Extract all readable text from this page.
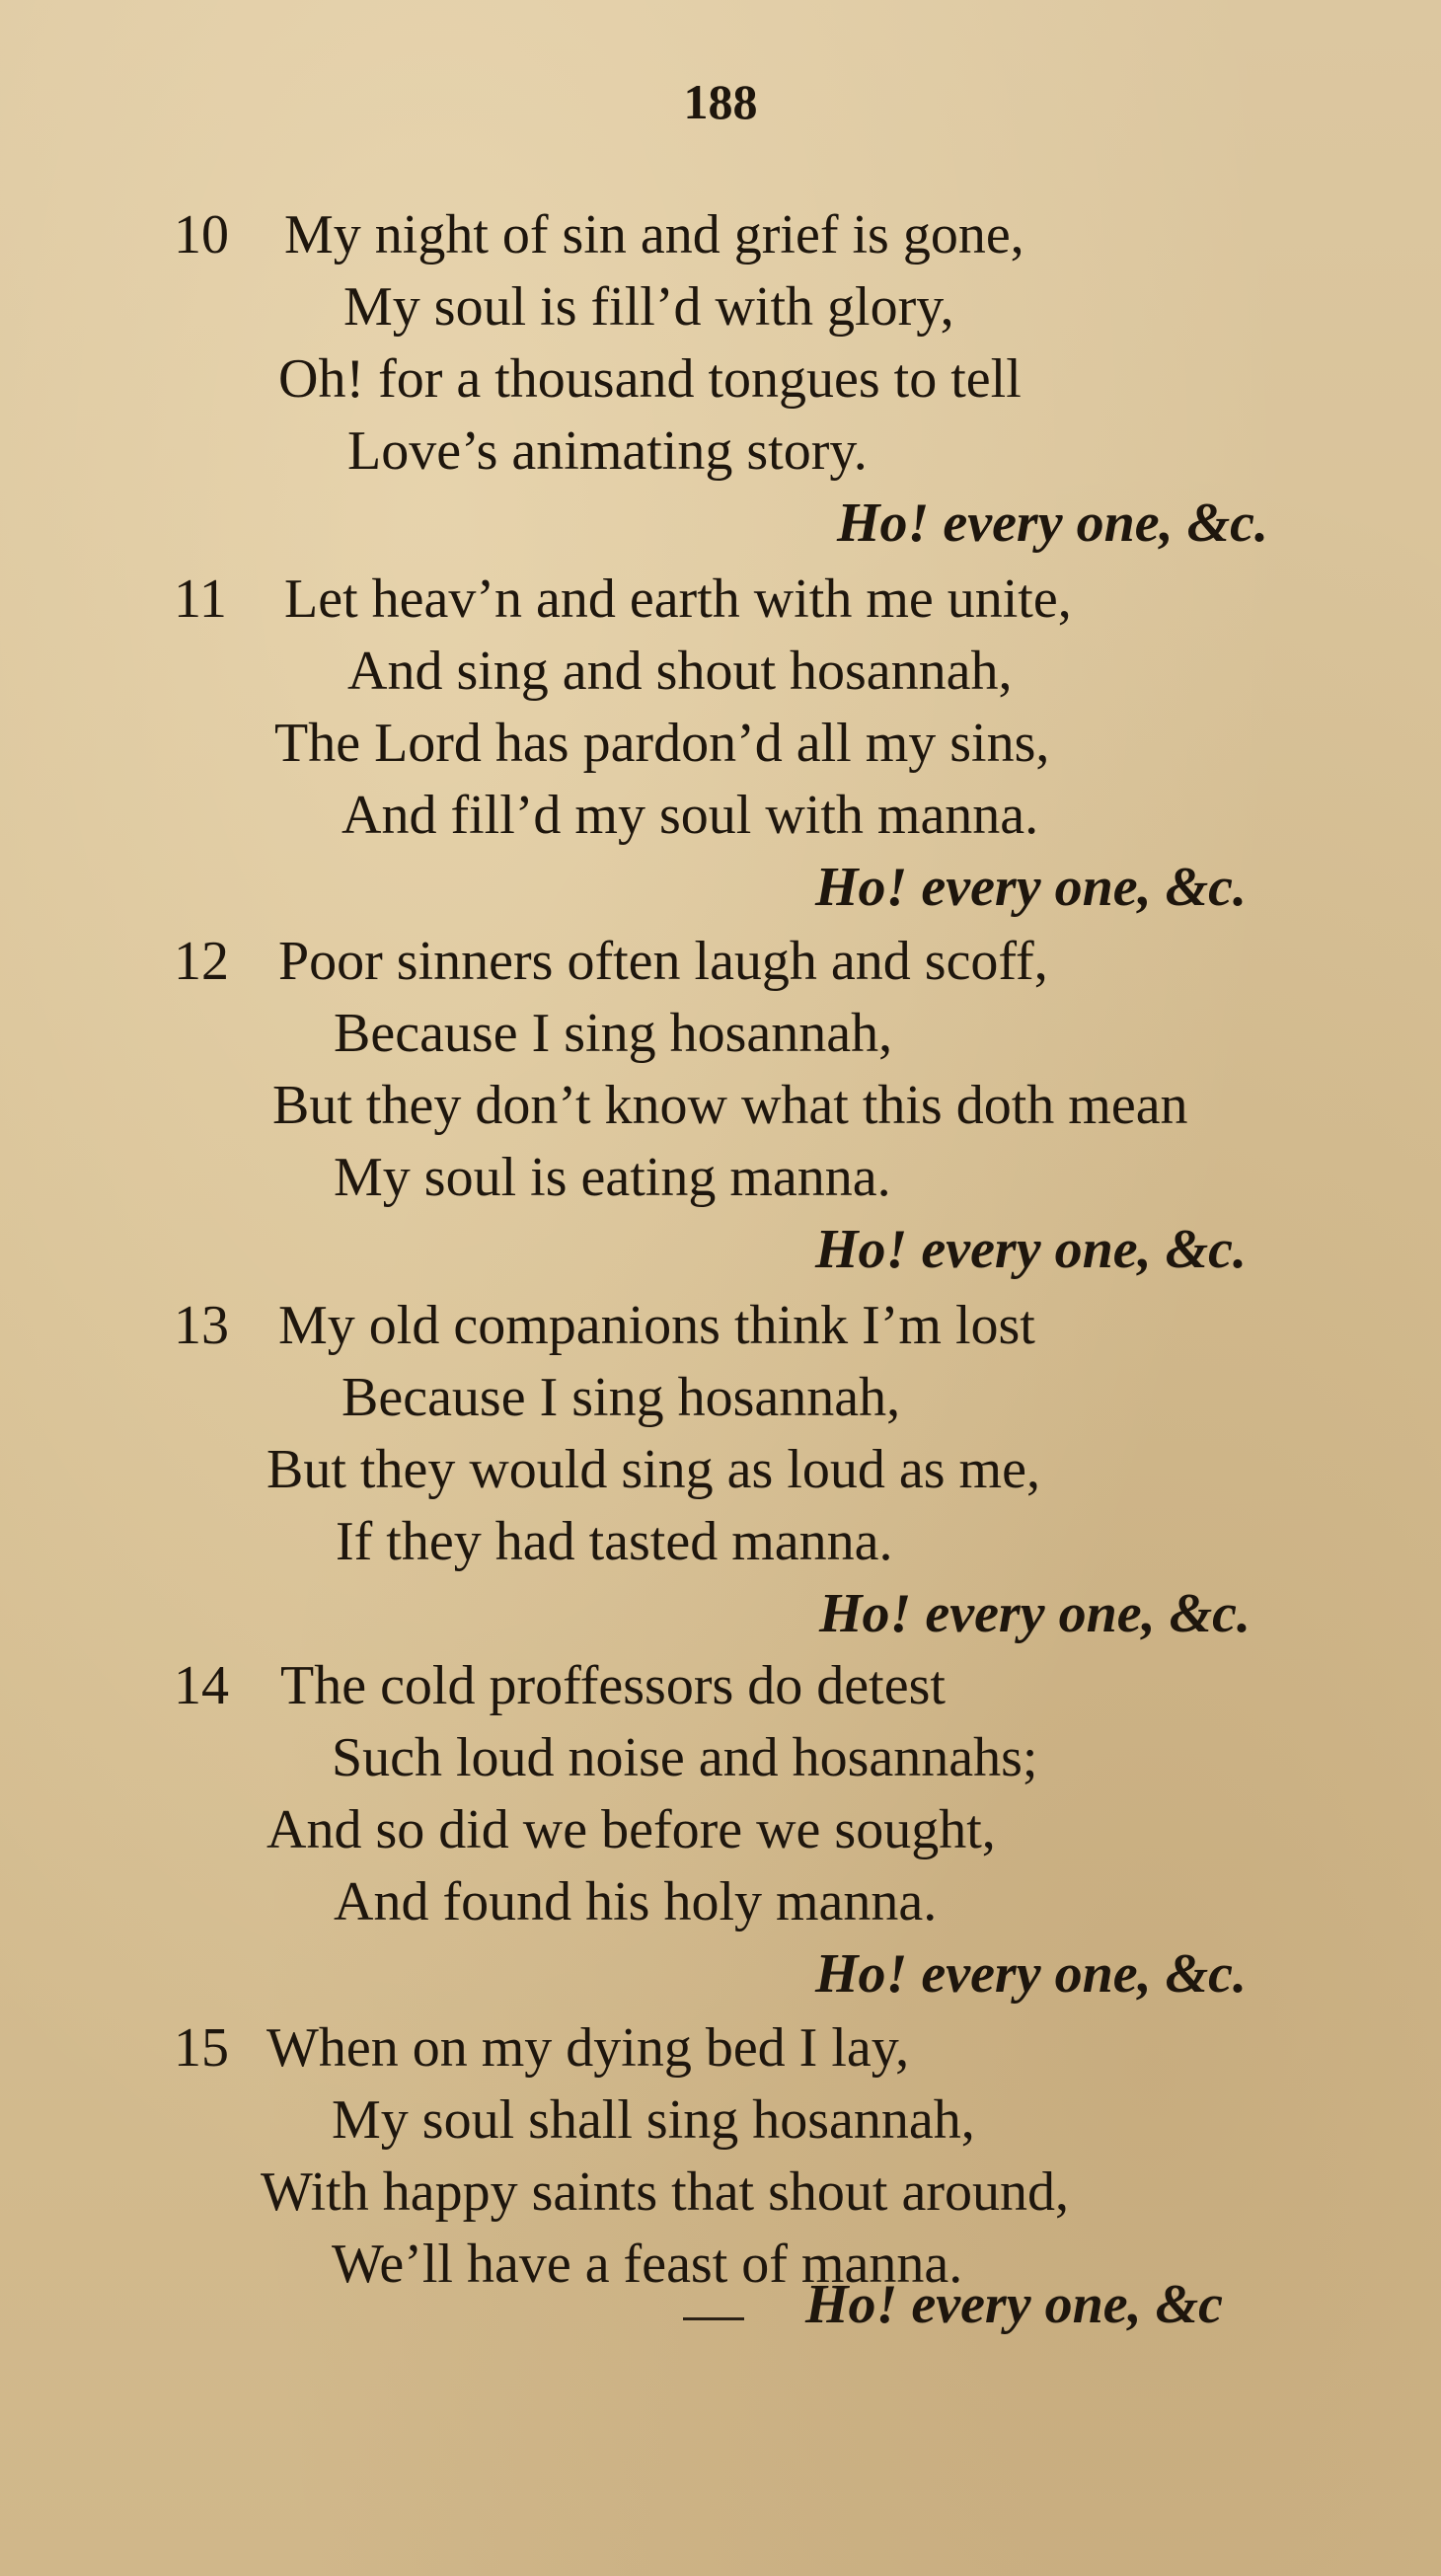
188
10 My night of sin and grief is gone,
My soul is fill’d with glory,
Oh! for a thousand tongues to tell
Love’s animating story.
Ho! every one, &c.
11 Let heav’n and earth with me unite,
And sing and shout hosannah,
The Lord has pardon’d all my sins,
And fill’d my soul with manna.
Ho! every one, &c.
12 Poor sinners often laugh and scoff,
Because I sing hosannah,
But they don’t know what this doth mean
My soul is eating manna.
Ho! every one, &c.
13 My old companions think I’m lost
Because I sing hosannah,
But they would sing as loud as me,
If they had tasted manna.
Ho! every one, &c.
14 The cold proffessors do detest
Such loud noise and hosannahs;
And so did we before we sought,
And found his holy manna.
Ho! every one, &c.
15 When on my dying bed I lay,
My soul shall sing hosannah,
With happy saints that shout around,
We’ll have a feast of manna.
Ho! every one, &c
